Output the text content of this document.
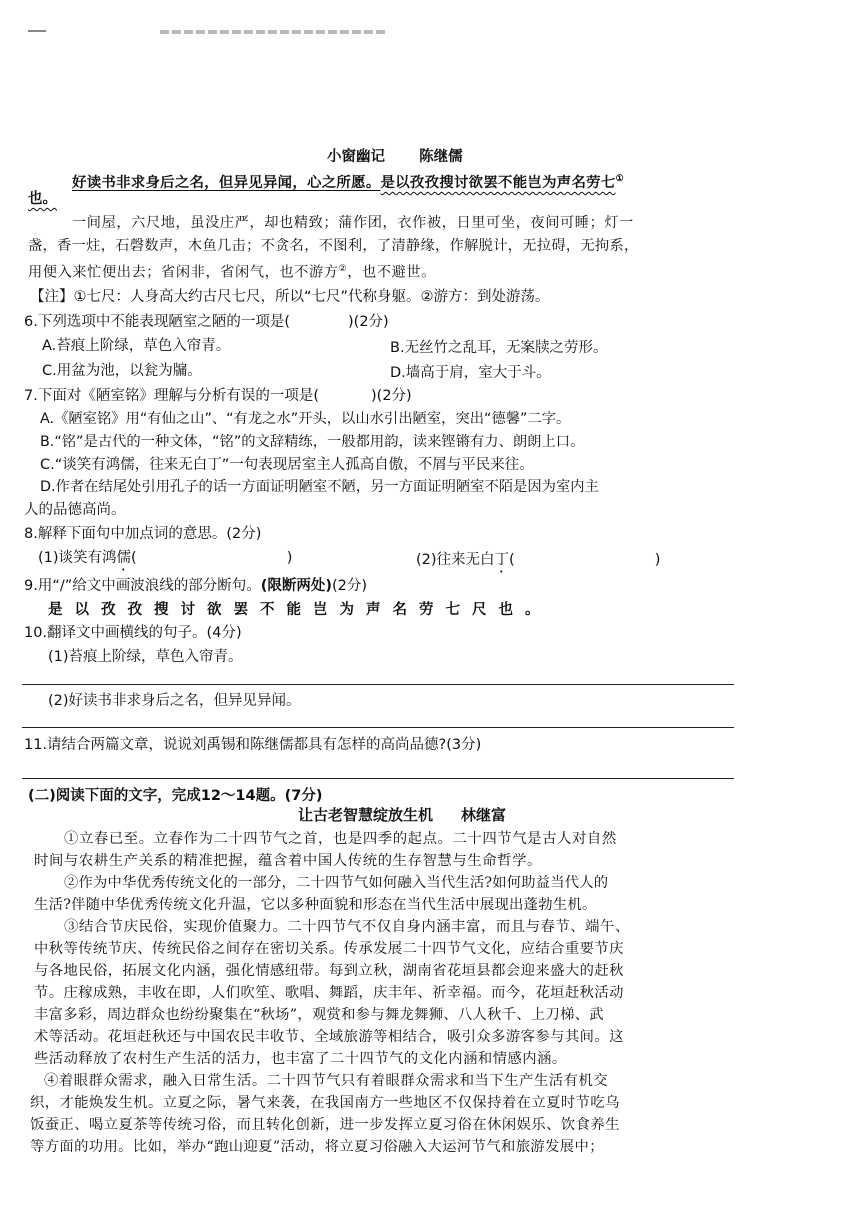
小窗幽记 陈继儒
好读书非求身后之名，但异见异闻，心之所愿。是以孜孜搜讨欲罢不能岂为声名劳七①
也。
一间屋，六尺地，虽没庄严，却也精致；蒲作团，衣作被，日里可坐，夜间可睡；灯一
盏，香一炷，石磬数声，木鱼几击；不贪名，不图利，了清静缘，作解脱计，无拉碍，无拘系，
用便入来忙便出去；省闲非，省闲气，也不游方②，也不避世。
【注】①七尺：人身高大约古尺七尺，所以“七尺”代称身躯。②游方：到处游荡。
6.下列选项中不能表现陋室之陋的一项是(	)(2分)
A.苔痕上阶绿，草色入帘青。	B.无丝竹之乱耳，无案牍之劳形。
C.用盆为池，以瓮为牖。	D.墙高于肩，室大于斗。
7.下面对《陋室铭》理解与分析有误的一项是(	)(2分)
A.《陋室铭》用“有仙之山”、“有龙之水”开头，以山水引出陋室，突出“德馨”二字。
B.“铭”是古代的一种文体，“铭”的文辞精练，一般都用韵，读来铿锵有力、朗朗上口。
C.“谈笑有鸿儒，往来无白丁”一句表现居室主人孤高自傲，不屑与平民来往。
D.作者在结尾处引用孔子的话一方面证明陋室不陋，另一方面证明陋室不陌是因为室内主
人的品德高尚。
8.解释下面句中加点词的意思。(2分)
(1)谈笑有鸿儒(	)	(2)往来无白丁(	)
9.用“/”给文中画波浪线的部分断句。(限断两处)(2分)
是以孜孜搜讨欲罢不能岂为声名劳七尺也。
10.翻译文中画横线的句子。(4分)
(1)苔痕上阶绿，草色入帘青。
(2)好读书非求身后之名，但异见异闻。
11.请结合两篇文章，说说刘禹锡和陈继儒都具有怎样的高尚品德?(3分)
(二)阅读下面的文字，完成12～14题。(7分)
让古老智慧绽放生机 林继富
①立春已至。立春作为二十四节气之首，也是四季的起点。二十四节气是古人对自然
时间与农耕生产关系的精准把握，蕴含着中国人传统的生存智慧与生命哲学。
②作为中华优秀传统文化的一部分，二十四节气如何融入当代生活?如何助益当代人的
生活?伴随中华优秀传统文化升温，它以多种面貌和形态在当代生活中展现出蓬勃生机。
③结合节庆民俗，实现价值聚力。二十四节气不仅自身内涵丰富，而且与春节、端午、
中秋等传统节庆、传统民俗之间存在密切关系。传承发展二十四节气文化，应结合重要节庆
与各地民俗，拓展文化内涵，强化情感纽带。每到立秋，湖南省花垣县都会迎来盛大的赶秋
节。庄稼成熟，丰收在即，人们吹笙、歌唱、舞蹈，庆丰年、祈幸福。而今，花垣赶秋活动
丰富多彩，周边群众也纷纷聚集在“秋场”，观赏和参与舞龙舞狮、八人秋千、上刀梯、武
术等活动。花垣赶秋还与中国农民丰收节、全域旅游等相结合，吸引众多游客参与其间。这
些活动释放了农村生产生活的活力，也丰富了二十四节气的文化内涵和情感内涵。
④着眼群众需求，融入日常生活。二十四节气只有着眼群众需求和当下生产生活有机交
织，才能焕发生机。立夏之际，暑气来袭，在我国南方一些地区不仅保持着在立夏时节吃乌
饭蚕正、喝立夏茶等传统习俗，而且转化创新，进一步发挥立夏习俗在休闲娱乐、饮食养生
等方面的功用。比如，举办“跑山迎夏”活动，将立夏习俗融入大运河节气和旅游发展中；
